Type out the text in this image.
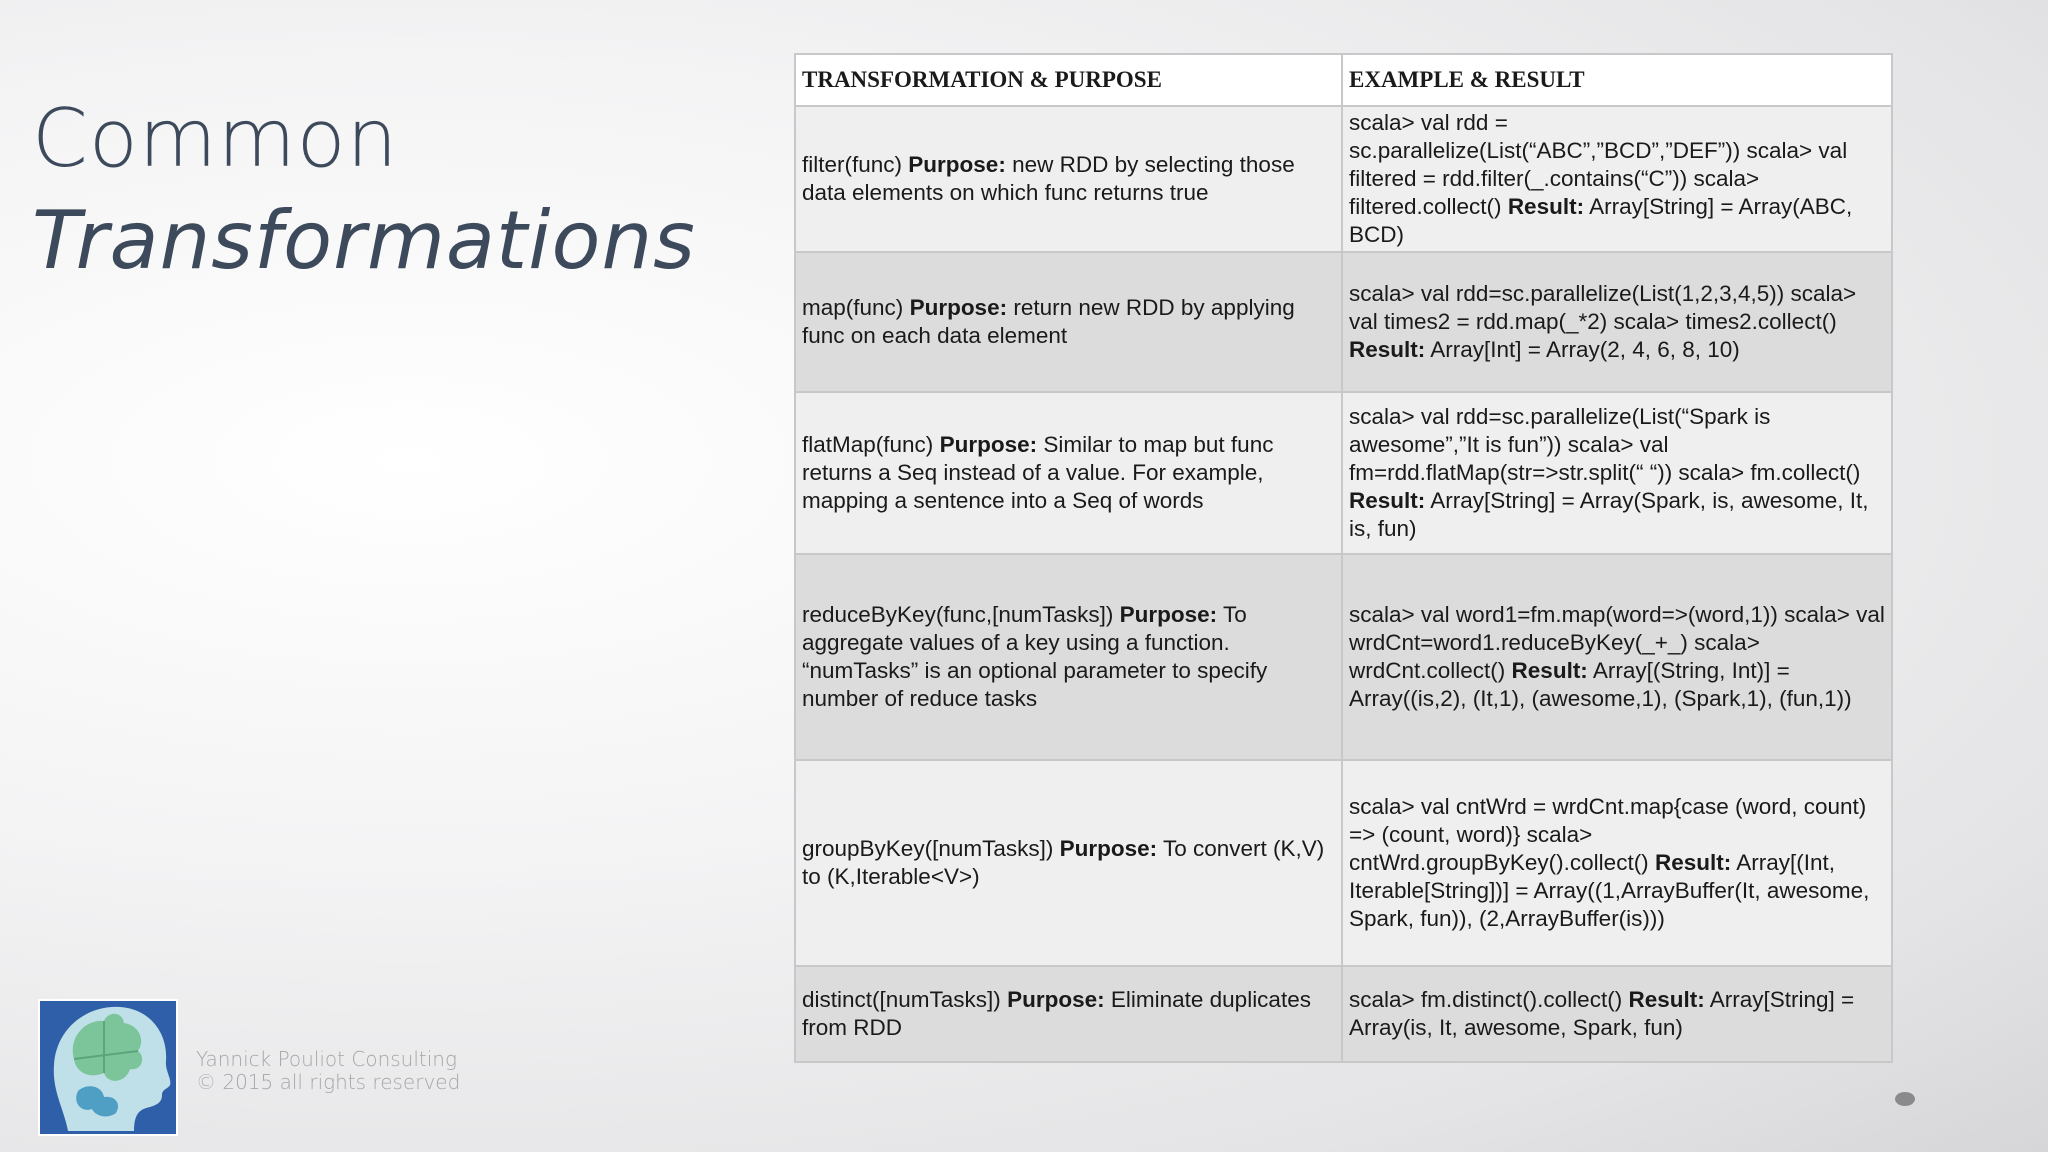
Common
Transformations
TRANSFORMATION & PURPOSE	EXAMPLE & RESULT
filter(func) Purpose: new RDD by selecting those data elements on which func returns true	scala> val rdd = sc.parallelize(List(“ABC”,”BCD”,”DEF”)) scala> val filtered = rdd.filter(_.contains(“C”)) scala> filtered.collect() Result: Array[String] = Array(ABC, BCD)
map(func) Purpose: return new RDD by applying func on each data element	scala> val rdd=sc.parallelize(List(1,2,3,4,5)) scala> val times2 = rdd.map(_*2) scala> times2.collect() Result: Array[Int] = Array(2, 4, 6, 8, 10)
flatMap(func) Purpose: Similar to map but func returns a Seq instead of a value. For example, mapping a sentence into a Seq of words	scala> val rdd=sc.parallelize(List(“Spark is awesome”,”It is fun”)) scala> val fm=rdd.flatMap(str=>str.split(“ “)) scala> fm.collect() Result: Array[String] = Array(Spark, is, awesome, It, is, fun)
reduceByKey(func,[numTasks]) Purpose: To aggregate values of a key using a function. “numTasks” is an optional parameter to specify number of reduce tasks	scala> val word1=fm.map(word=>(word,1)) scala> val wrdCnt=word1.reduceByKey(_+_) scala> wrdCnt.collect() Result: Array[(String, Int)] = Array((is,2), (It,1), (awesome,1), (Spark,1), (fun,1))
groupByKey([numTasks]) Purpose: To convert (K,V) to (K,Iterable<V>)	scala> val cntWrd = wrdCnt.map{case (word, count) => (count, word)} scala> cntWrd.groupByKey().collect() Result: Array[(Int, Iterable[String])] = Array((1,ArrayBuffer(It, awesome, Spark, fun)), (2,ArrayBuffer(is)))
distinct([numTasks]) Purpose: Eliminate duplicates from RDD	scala> fm.distinct().collect() Result: Array[String] = Array(is, It, awesome, Spark, fun)
Yannick Pouliot Consulting
© 2015 all rights reserved
